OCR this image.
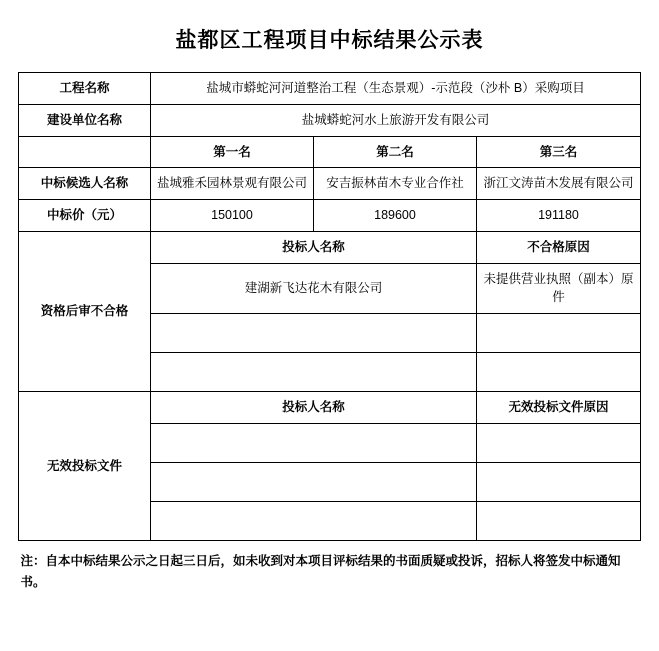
盐都区工程项目中标结果公示表
工程名称	盐城市蟒蛇河河道整治工程（生态景观）-示范段（沙朴 B）采购项目		
建设单位名称	盐城蟒蛇河水上旅游开发有限公司		
	第一名	第二名	第三名
中标候选人名称	盐城雅禾园林景观有限公司	安吉振林苗木专业合作社	浙江文涛苗木发展有限公司
中标价（元）	150100	189600	191180
资格后审不合格	投标人名称		不合格原因
	建湖新飞达花木有限公司		未提供营业执照（副本）原件

无效投标文件	投标人名称		无效投标文件原因

注：自本中标结果公示之日起三日后，如未收到对本项目评标结果的书面质疑或投诉，招标人将签发中标通知书。
